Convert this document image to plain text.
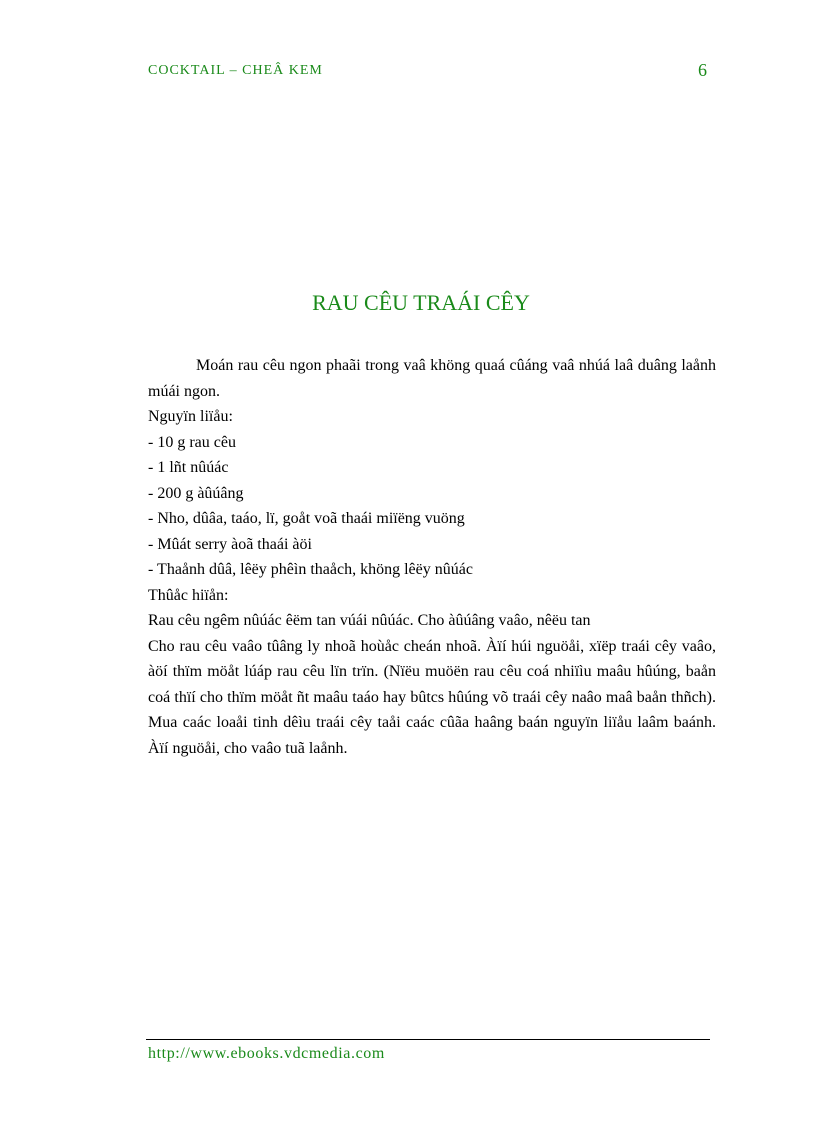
COCKTAIL – CHEÂ KEM	6
RAU CÊU TRAÁI CÊY

Moán rau cêu ngon phaãi trong vaâ khöng quaá cûáng vaâ nhúá laâ duâng laånh múái ngon.

Nguyïn liïåu:

- 10 g rau cêu

- 1 lñt nûúác

- 200 g àûúâng

- Nho, dûâa, taáo, lï, goåt voã thaái miïëng vuöng

- Mûát serry àoã thaái àöi

- Thaånh dûâ, lêëy phêìn thaåch, khöng lêëy nûúác

Thûåc hiïån:

Rau cêu ngêm nûúác êëm tan vúái nûúác. Cho àûúâng vaâo, nêëu tan

Cho rau cêu vaâo tûâng ly nhoã hoùåc cheán nhoã. Àïí húi nguöåi, xïëp traái cêy vaâo, àöí thïm möåt lúáp rau cêu lïn trïn. (Nïëu muöën rau cêu coá nhiïìu maâu hûúng, baån coá thïí cho thïm möåt ñt maâu taáo hay bûtcs hûúng võ traái cêy naâo maâ baån thñch). Mua caác loaåi tinh dêìu traái cêy taåi caác cûãa haâng baán nguyïn liïåu laâm baánh. Àïí nguöåi, cho vaâo tuã laånh.

http://www.ebooks.vdcmedia.com
